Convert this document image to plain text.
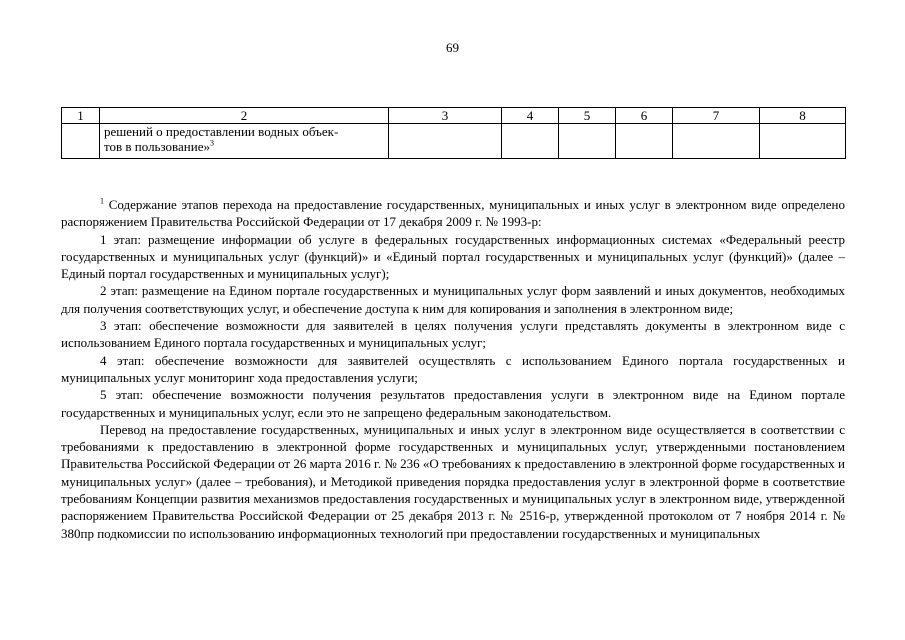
69
1	2	3	4	5	6	7	8

	решений о предоставлении водных объек-
тов в пользование»$^3$						

$^1$ Содержание этапов перехода на предоставление государственных, муниципальных и иных услуг в электронном виде определено распоряжением Правительства Российской Федерации от 17 декабря 2009 г. № 1993-р:

1 этап: размещение информации об услуге в федеральных государственных информационных системах «Федеральный реестр государственных и муниципальных услуг (функций)» и «Единый портал государственных и муниципальных услуг (функций)» (далее – Единый портал государственных и муниципальных услуг);

2 этап: размещение на Едином портале государственных и муниципальных услуг форм заявлений и иных документов, необходимых для получения соответствующих услуг, и обеспечение доступа к ним для копирования и заполнения в электронном виде;

3 этап: обеспечение возможности для заявителей в целях получения услуги представлять документы в электронном виде с использованием Единого портала государственных и муниципальных услуг;

4 этап: обеспечение возможности для заявителей осуществлять с использованием Единого портала государственных и муниципальных услуг мониторинг хода предоставления услуги;

5 этап: обеспечение возможности получения результатов предоставления услуги в электронном виде на Едином портале государственных и муниципальных услуг, если это не запрещено федеральным законодательством.

Перевод на предоставление государственных, муниципальных и иных услуг в электронном виде осуществляется в соответствии с требованиями к предоставлению в электронной форме государственных и муниципальных услуг, утвержденными постановлением Правительства Российской Федерации от 26 марта 2016 г. № 236 «О требованиях к предоставлению в электронной форме государственных и муниципальных услуг» (далее – требования), и Методикой приведения порядка предоставления услуг в электронной форме в соответствие требованиям Концепции развития механизмов предоставления государственных и муниципальных услуг в электронном виде, утвержденной распоряжением Правительства Российской Федерации от 25 декабря 2013 г. № 2516-р, утвержденной протоколом от 7 ноября 2014 г. № 380пр подкомиссии по использованию информационных технологий при предоставлении государственных и муниципальных
